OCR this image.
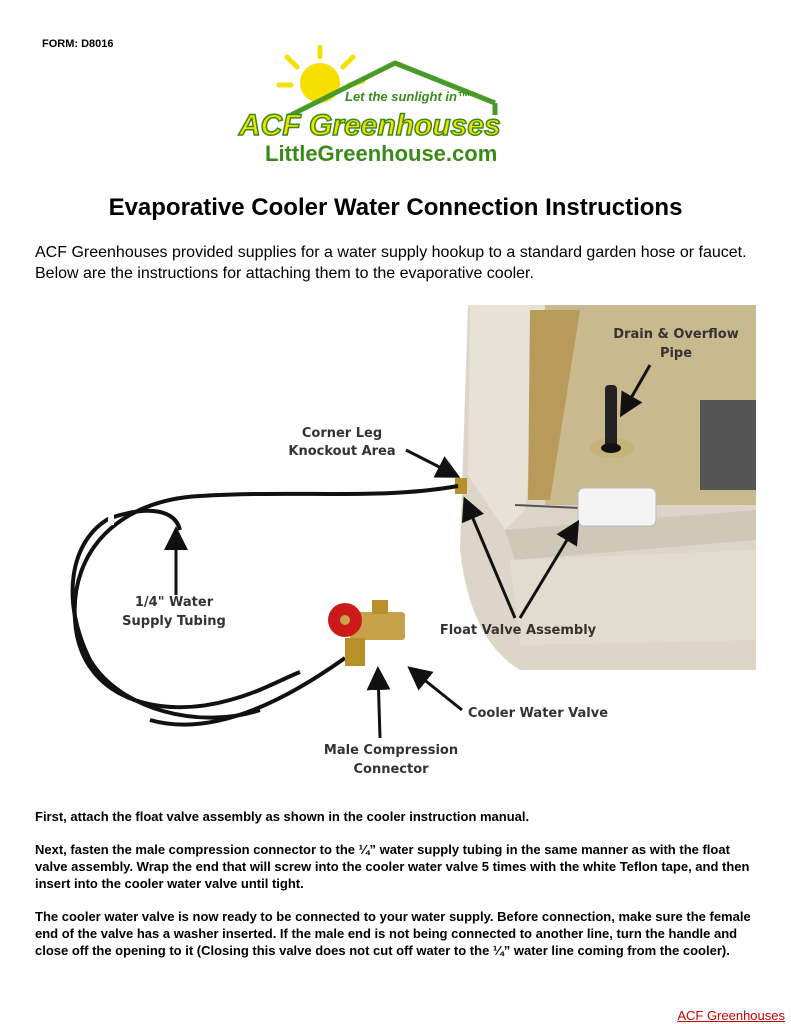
FORM: D8016
Let the sunlight in™
ACF Greenhouses
LittleGreenhouse.com
Evaporative Cooler Water Connection Instructions
ACF Greenhouses provided supplies for a water supply hookup to a standard garden hose or faucet. Below are the instructions for attaching them to the evaporative cooler.
Drain & Overflow
Pipe
Corner Leg
Knockout Area
1/4" Water
Supply Tubing
Float Valve Assembly
Cooler Water Valve
Male Compression
Connector

First, attach the float valve assembly as shown in the cooler instruction manual.

Next, fasten the male compression connector to the ¼” water supply tubing in the same manner as with the float valve assembly. Wrap the end that will screw into the cooler water valve 5 times with the white Teflon tape, and then insert into the cooler water valve until tight.

The cooler water valve is now ready to be connected to your water supply. Before connection, make sure the female end of the valve has a washer inserted. If the male end is not being connected to another line, turn the handle and close off the opening to it (Closing this valve does not cut off water to the ¼” water line coming from the cooler).

ACF Greenhouses
